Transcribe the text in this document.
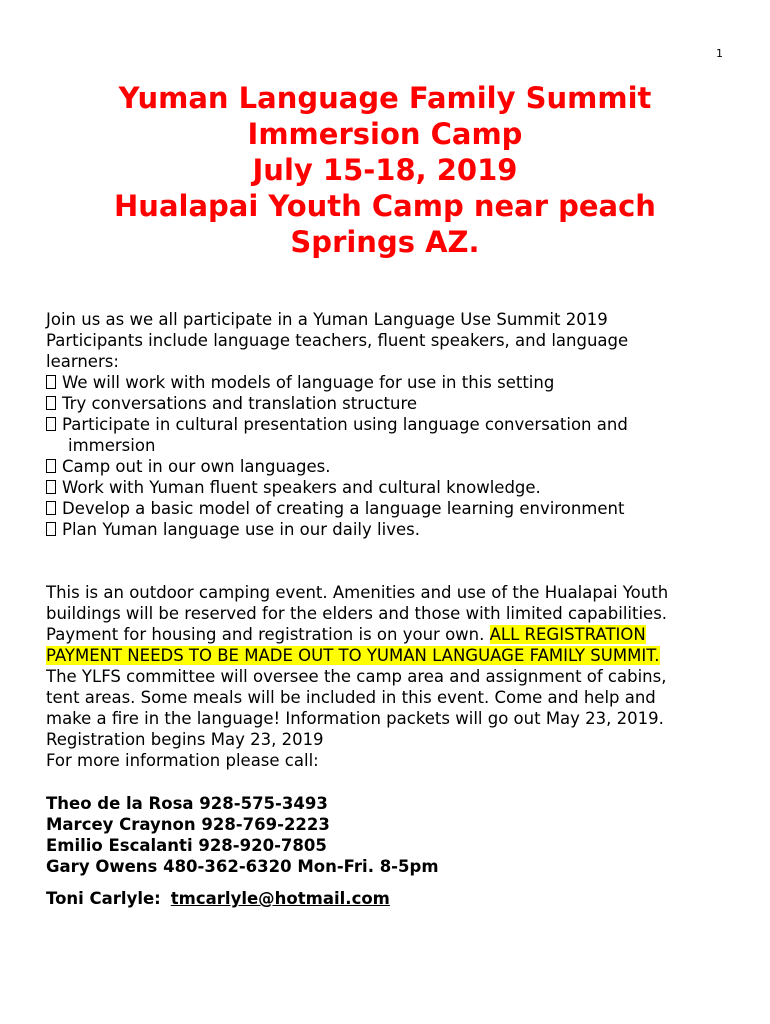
1
Yuman Language Family Summit
Immersion Camp
July 15-18, 2019
Hualapai Youth Camp near peach
Springs AZ.
Join us as we all participate in a Yuman Language Use Summit 2019
Participants include language teachers, fluent speakers, and language
learners:
We will work with models of language for use in this setting
Try conversations and translation structure
Participate in cultural presentation using language conversation and
immersion
Camp out in our own languages.
Work with Yuman fluent speakers and cultural knowledge.
Develop a basic model of creating a language learning environment
Plan Yuman language use in our daily lives.
This is an outdoor camping event. Amenities and use of the Hualapai Youth
buildings will be reserved for the elders and those with limited capabilities.
Payment for housing and registration is on your own. ALL REGISTRATION
PAYMENT NEEDS TO BE MADE OUT TO YUMAN LANGUAGE FAMILY SUMMIT.
The YLFS committee will oversee the camp area and assignment of cabins,
tent areas. Some meals will be included in this event. Come and help and
make a fire in the language! Information packets will go out May 23, 2019.
Registration begins May 23, 2019
For more information please call:
Theo de la Rosa 928-575-3493
Marcey Craynon 928-769-2223
Emilio Escalanti 928-920-7805
Gary Owens 480-362-6320 Mon-Fri. 8-5pm
Toni Carlyle: tmcarlyle@hotmail.com
